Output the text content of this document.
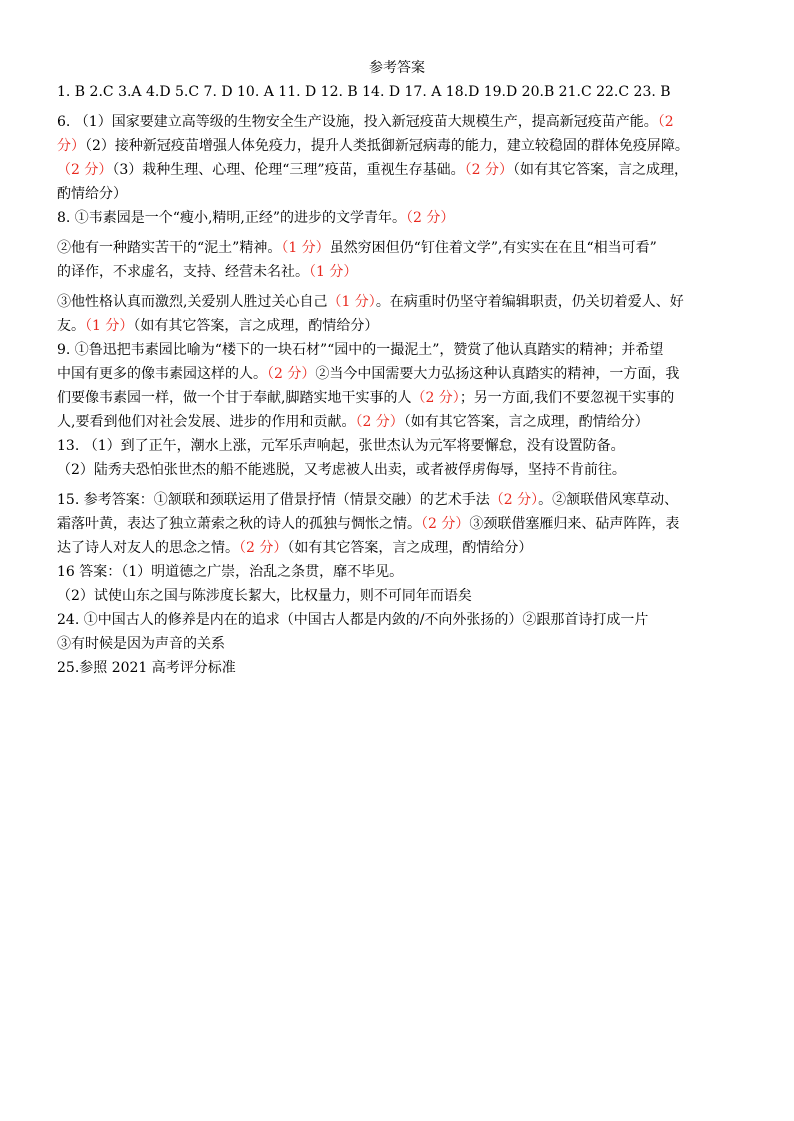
参考答案
1. B 2.C 3.A 4.D 5.C 7. D 10. A 11. D 12. B 14. D 17. A 18.D 19.D 20.B 21.C 22.C 23. B
6. （1）国家要建立高等级的生物安全生产设施，投入新冠疫苗大规模生产，提高新冠疫苗产能。（2
分）（2）接种新冠疫苗增强人体免疫力，提升人类抵御新冠病毒的能力，建立较稳固的群体免疫屏障。
（2 分）（3）栽种生理、心理、伦理“三理”疫苗，重视生存基础。（2 分）（如有其它答案，言之成理，
酌情给分）
8. ①韦素园是一个“瘦小,精明,正经”的进步的文学青年。（2 分）
②他有一种踏实苦干的“泥土”精神。（1 分）虽然穷困但仍“钉住着文学”,有实实在在且“相当可看”
的译作，不求虚名，支持、经营未名社。（1 分）
③他性格认真而激烈,关爱别人胜过关心自己（1 分）。在病重时仍坚守着编辑职责，仍关切着爱人、好
友。（1 分）（如有其它答案，言之成理，酌情给分）
9. ①鲁迅把韦素园比喻为“楼下的一块石材”“园中的一撮泥土”，赞赏了他认真踏实的精神；并希望
中国有更多的像韦素园这样的人。（2 分）②当今中国需要大力弘扬这种认真踏实的精神，一方面，我
们要像韦素园一样，做一个甘于奉献,脚踏实地干实事的人（2 分）；另一方面,我们不要忽视干实事的
人,要看到他们对社会发展、进步的作用和贡献。（2 分）（如有其它答案，言之成理，酌情给分）
13. （1）到了正午，潮水上涨，元军乐声响起，张世杰认为元军将要懈怠，没有设置防备。
（2）陆秀夫恐怕张世杰的船不能逃脱，又考虑被人出卖，或者被俘虏侮辱，坚持不肯前往。
15. 参考答案：①颔联和颈联运用了借景抒情（情景交融）的艺术手法（2 分）。②颔联借风寒草动、
霜落叶黄，表达了独立萧索之秋的诗人的孤独与惆怅之情。（2 分）③颈联借塞雁归来、砧声阵阵，表
达了诗人对友人的思念之情。（2 分）（如有其它答案，言之成理，酌情给分）
16 答案：（1）明道德之广崇，治乱之条贯，靡不毕见。
（2）试使山东之国与陈涉度长絜大，比权量力，则不可同年而语矣
24. ①中国古人的修养是内在的追求（中国古人都是内敛的/不向外张扬的）②跟那首诗打成一片
③有时候是因为声音的关系
25.参照 2021 高考评分标准
